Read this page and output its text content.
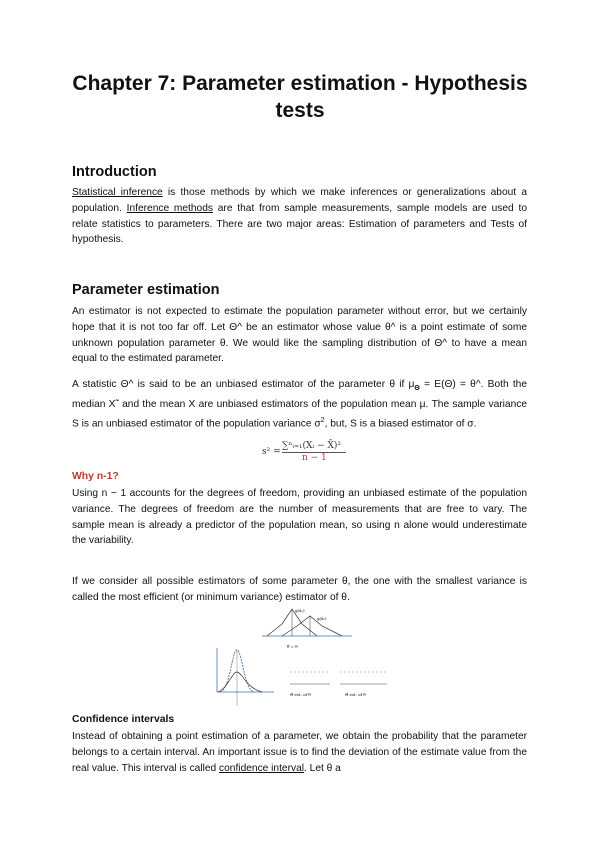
Chapter 7: Parameter estimation - Hypothesis tests
Introduction

Statistical inference is those methods by which we make inferences or generalizations about a population. Inference methods are that from sample measurements, sample models are used to relate statistics to parameters. There are two major areas: Estimation of parameters and Tests of hypothesis.

Parameter estimation

An estimator is not expected to estimate the population parameter without error, but we certainly hope that it is not too far off. Let Θ^ be an estimator whose value θ^ is a point estimate of some unknown population parameter θ. We would like the sampling distribution of Θ^ to have a mean equal to the estimated parameter.

A statistic Θ^ is said to be an unbiased estimator of the parameter θ if $\mu_\Theta = E(\Theta)$ = θ^. Both the median X˜ and the mean X are unbiased estimators of the population mean μ. The sample variance S is an unbiased estimator of the population variance $\sigma^2$, but, S is a biased estimator of σ.

s² =
∑ⁿᵢ₌₁(Xᵢ − X̄)²
n − 1
Why n-1?

Using n − 1 accounts for the degrees of freedom, providing an unbiased estimate of the population variance. The degrees of freedom are the number of measurements that are free to vary. The sample mean is already a predictor of the population mean, so using n alone would underestimate the variability.

If we consider all possible estimators of some parameter θ, the one with the smallest variance is called the most efficient (or minimum variance) estimator of θ.

g(x̂₁)
g(x̂₂)
θ̂ = θ
Θ̂ est. of θ	Θ̂ est. of θ
Confidence intervals

Instead of obtaining a point estimation of a parameter, we obtain the probability that the parameter belongs to a certain interval. An important issue is to find the deviation of the estimate value from the real value. This interval is called confidence interval. Let θ a
